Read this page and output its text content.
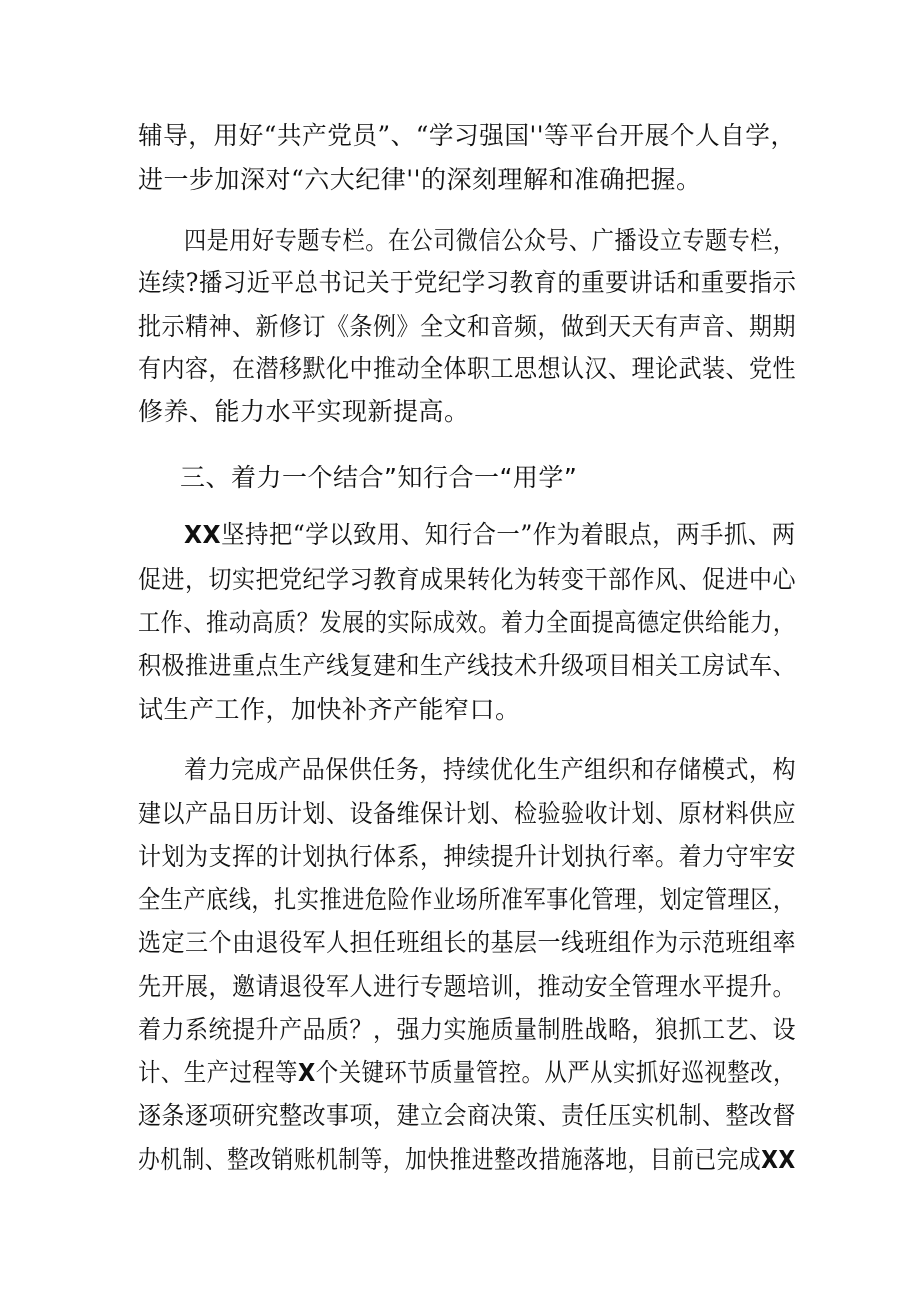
辅导，用好“共产党员”、“学习强国''等平台开展个人自学，
进一步加深对“六大纪律''的深刻理解和准确把握。
四是用好专题专栏。在公司微信公众号、广播设立专题专栏，
连续?播习近平总书记关于党纪学习教育的重要讲话和重要指示
批示精神、新修订《条例》全文和音频，做到天天有声音、期期
有内容，在潜移默化中推动全体职工思想认汉、理论武装、党性
修养、能力水平实现新提高。
三、着力一个结合”知行合一“用学”
XX坚持把“学以致用、知行合一”作为着眼点，两手抓、两
促进，切实把党纪学习教育成果转化为转变干部作风、促进中心
工作、推动高质？发展的实际成效。着力全面提高德定供给能力，
积极推进重点生产线复建和生产线技术升级项目相关工房试车、
试生产工作，加快补齐产能窄口。
着力完成产品保供任务，持续优化生产组织和存储模式，构
建以产品日历计划、设备维保计划、检验验收计划、原材料供应
计划为支挥的计划执行体系，抻续提升计划执行率。着力守牢安
全生产底线，扎实推进危险作业场所准军事化管理，划定管理区，
选定三个由退役军人担任班组长的基层一线班组作为示范班组率
先开展，邀请退役军人进行专题培训，推动安全管理水平提升。
着力系统提升产品质？，强力实施质量制胜战略，狼抓工艺、设
计、生产过程等X个关键环节质量管控。从严从实抓好巡视整改，
逐条逐项研究整改事项，建立会商决策、责任压实机制、整改督
办机制、整改销账机制等，加快推进整改措施落地，目前已完成XX
